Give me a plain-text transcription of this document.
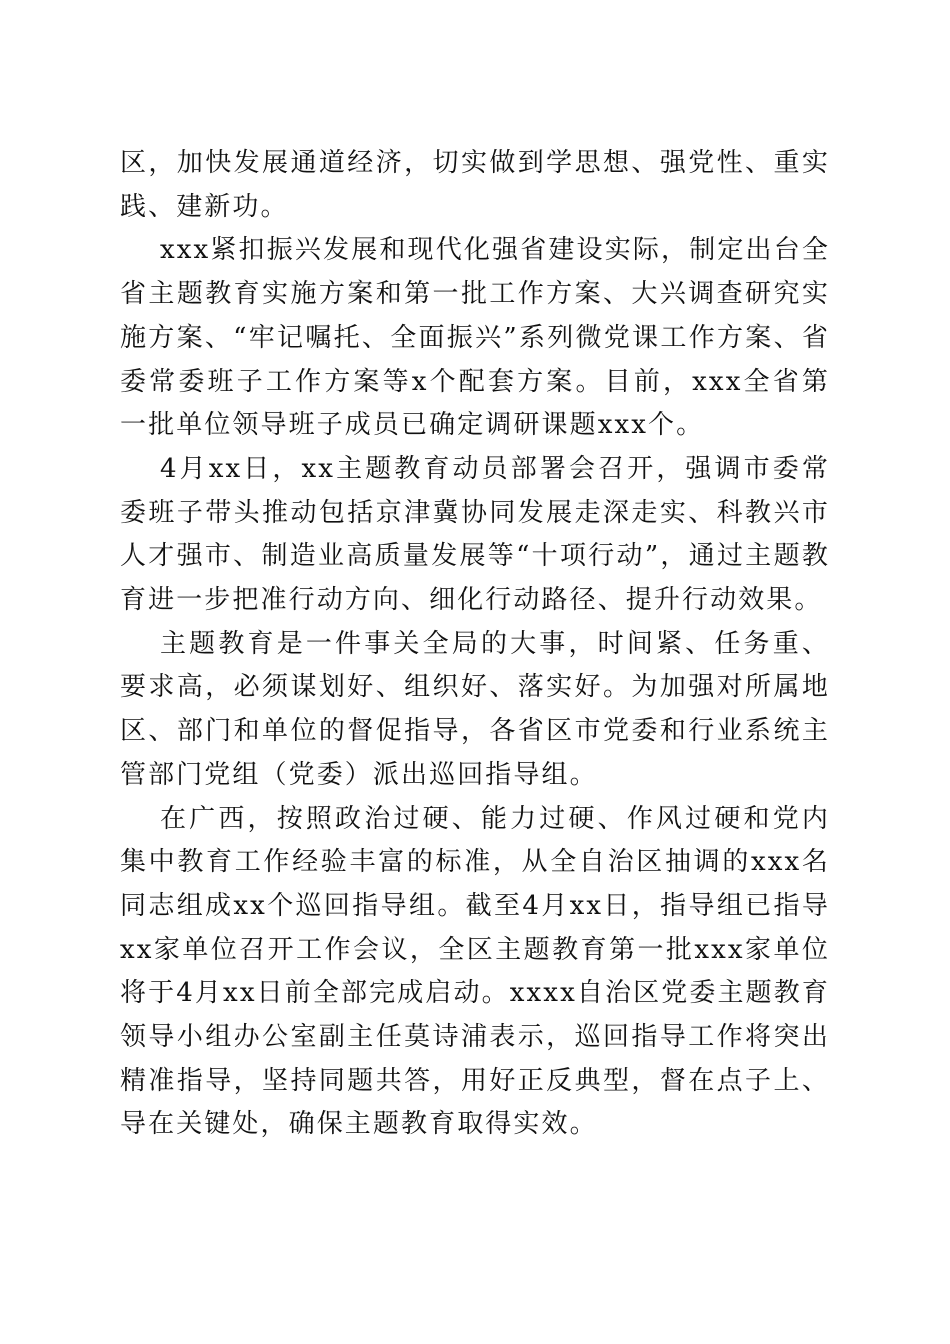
区，加快发展通道经济，切实做到学思想、强党性、重实践、建新功。

xxx紧扣振兴发展和现代化强省建设实际，制定出台全省主题教育实施方案和第一批工作方案、大兴调查研究实施方案、“牢记嘱托、全面振兴”系列微党课工作方案、省委常委班子工作方案等x个配套方案。目前，xxx全省第一批单位领导班子成员已确定调研课题xxx个。

4月xx日，xx主题教育动员部署会召开，强调市委常委班子带头推动包括京津冀协同发展走深走实、科教兴市人才强市、制造业高质量发展等“十项行动”，通过主题教育进一步把准行动方向、细化行动路径、提升行动效果。

主题教育是一件事关全局的大事，时间紧、任务重、要求高，必须谋划好、组织好、落实好。为加强对所属地区、部门和单位的督促指导，各省区市党委和行业系统主管部门党组（党委）派出巡回指导组。

在广西，按照政治过硬、能力过硬、作风过硬和党内集中教育工作经验丰富的标准，从全自治区抽调的xxx名同志组成xx个巡回指导组。截至4月xx日，指导组已指导xx家单位召开工作会议，全区主题教育第一批xxx家单位将于4月xx日前全部完成启动。xxxx自治区党委主题教育领导小组办公室副主任莫诗浦表示，巡回指导工作将突出精准指导，坚持同题共答，用好正反典型，督在点子上、导在关键处，确保主题教育取得实效。
